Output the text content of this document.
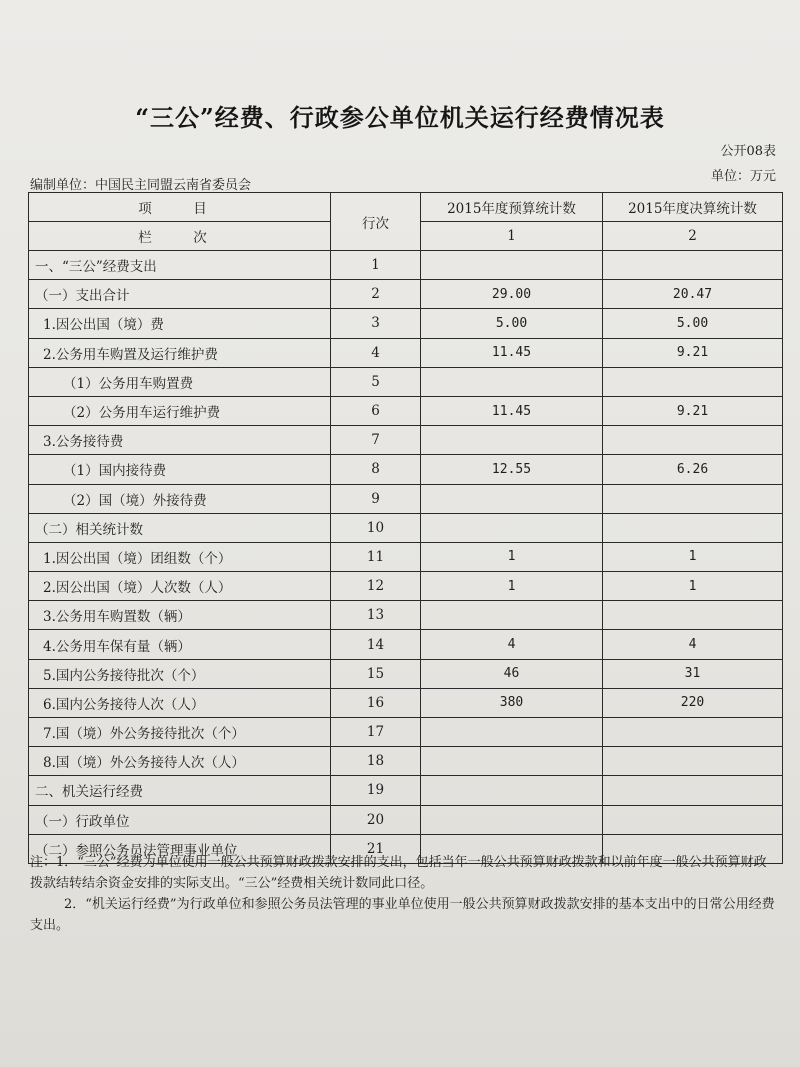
“三公”经费、行政参公单位机关运行经费情况表
公开08表
编制单位：中国民主同盟云南省委员会
单位：万元
项　目	行次	2015年度预算统计数	2015年度决算统计数
栏　次		1	2
一、“三公”经费支出	1		
（一）支出合计	2	29.00	20.47
1.因公出国（境）费	3	5.00	5.00
2.公务用车购置及运行维护费	4	11.45	9.21
（1）公务用车购置费	5		
（2）公务用车运行维护费	6	11.45	9.21
3.公务接待费	7		
（1）国内接待费	8	12.55	6.26
（2）国（境）外接待费	9		
（二）相关统计数	10		
1.因公出国（境）团组数（个）	11	1	1
2.因公出国（境）人次数（人）	12	1	1
3.公务用车购置数（辆）	13		
4.公务用车保有量（辆）	14	4	4
5.国内公务接待批次（个）	15	46	31
6.国内公务接待人次（人）	16	380	220
7.国（境）外公务接待批次（个）	17		
8.国（境）外公务接待人次（人）	18		
二、机关运行经费	19		
（一）行政单位	20		
（二）参照公务员法管理事业单位	21		

注：1．“三公”经费为单位使用一般公共预算财政拨款安排的支出，包括当年一般公共预算财政拨款和以前年度一般公共预算财政拨款结转结余资金安排的实际支出。“三公”经费相关统计数同此口径。

2．“机关运行经费”为行政单位和参照公务员法管理的事业单位使用一般公共预算财政拨款安排的基本支出中的日常公用经费支出。
